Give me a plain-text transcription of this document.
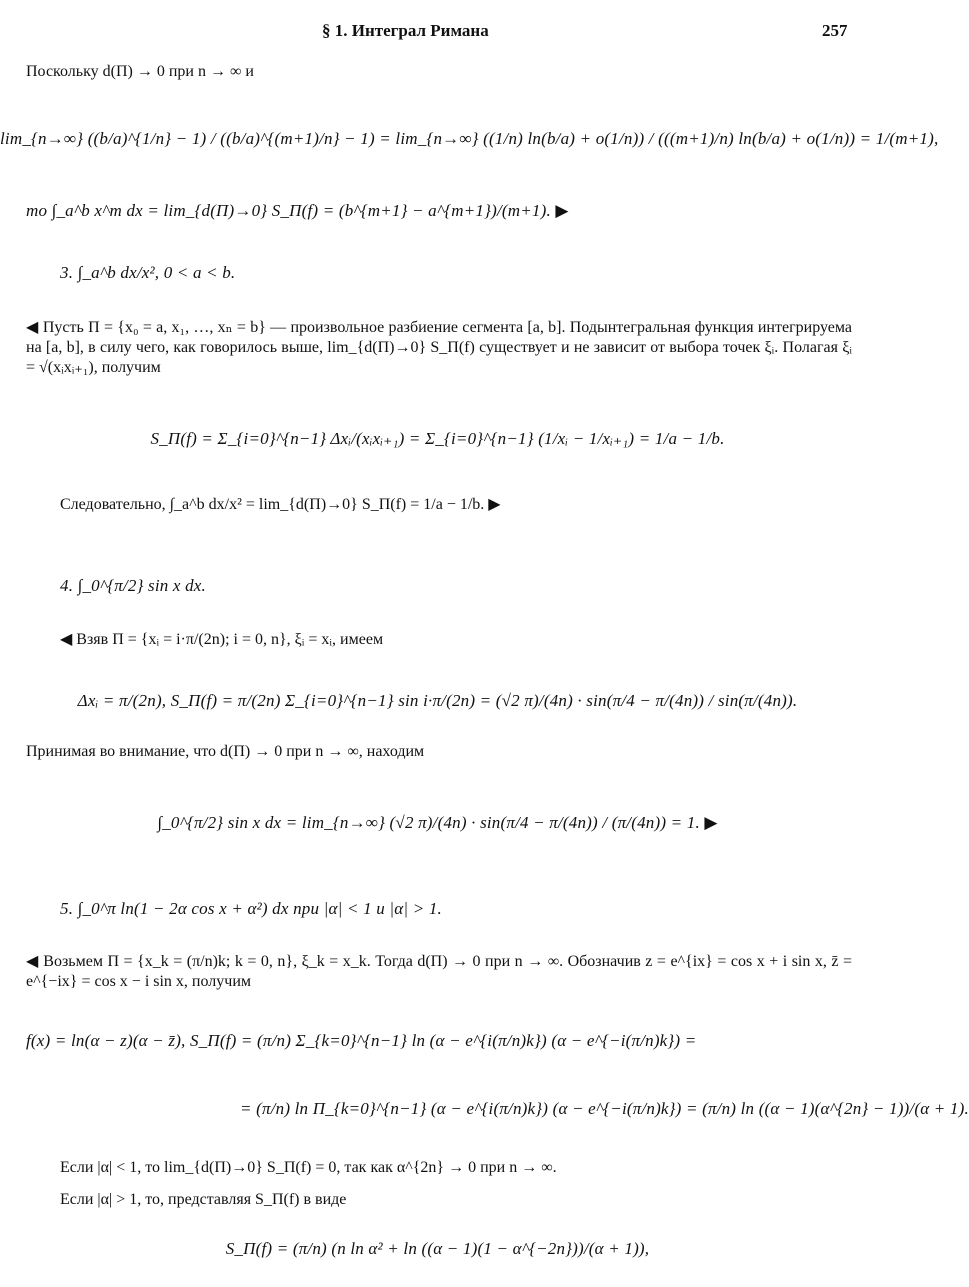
§ 1. Интеграл Римана	257
Поскольку d(Π) → 0 при n → ∞ и
lim_{n→∞} ((b/a)^{1/n} − 1) / ((b/a)^{(m+1)/n} − 1) = lim_{n→∞} ((1/n) ln(b/a) + o(1/n)) / (((m+1)/n) ln(b/a) + o(1/n)) = 1/(m+1),
то ∫_a^b x^m dx = lim_{d(Π)→0} S_Π(f) = (b^{m+1} − a^{m+1})/(m+1). ▶
3. ∫_a^b dx/x², 0 < a < b.
◀ Пусть Π = {x₀ = a, x₁, …, xₙ = b} — произвольное разбиение сегмента [a, b]. Подынтегральная функция интегрируема на [a, b], в силу чего, как говорилось выше, lim_{d(Π)→0} S_Π(f) существует и не зависит от выбора точек ξᵢ. Полагая ξᵢ = √(xᵢxᵢ₊₁), получим
S_Π(f) = Σ_{i=0}^{n−1} Δxᵢ/(xᵢxᵢ₊₁) = Σ_{i=0}^{n−1} (1/xᵢ − 1/xᵢ₊₁) = 1/a − 1/b.
Следовательно, ∫_a^b dx/x² = lim_{d(Π)→0} S_Π(f) = 1/a − 1/b. ▶
4. ∫_0^{π/2} sin x dx.
◀ Взяв Π = {xᵢ = i·π/(2n); i = 0, n}, ξᵢ = xᵢ, имеем
Δxᵢ = π/(2n), S_Π(f) = π/(2n) Σ_{i=0}^{n−1} sin i·π/(2n) = (√2 π)/(4n) · sin(π/4 − π/(4n)) / sin(π/(4n)).
Принимая во внимание, что d(Π) → 0 при n → ∞, находим
∫_0^{π/2} sin x dx = lim_{n→∞} (√2 π)/(4n) · sin(π/4 − π/(4n)) / (π/(4n)) = 1. ▶
5. ∫_0^π ln(1 − 2α cos x + α²) dx при |α| < 1 и |α| > 1.
◀ Возьмем Π = {x_k = (π/n)k; k = 0, n}, ξ_k = x_k. Тогда d(Π) → 0 при n → ∞. Обозначив z = e^{ix} = cos x + i sin x, z̄ = e^{−ix} = cos x − i sin x, получим
f(x) = ln(α − z)(α − z̄), S_Π(f) = (π/n) Σ_{k=0}^{n−1} ln (α − e^{i(π/n)k}) (α − e^{−i(π/n)k}) =
= (π/n) ln Π_{k=0}^{n−1} (α − e^{i(π/n)k}) (α − e^{−i(π/n)k}) = (π/n) ln ((α − 1)(α^{2n} − 1))/(α + 1).
Если |α| < 1, то lim_{d(Π)→0} S_Π(f) = 0, так как α^{2n} → 0 при n → ∞.
Если |α| > 1, то, представляя S_Π(f) в виде
S_Π(f) = (π/n) (n ln α² + ln ((α − 1)(1 − α^{−2n}))/(α + 1)),
